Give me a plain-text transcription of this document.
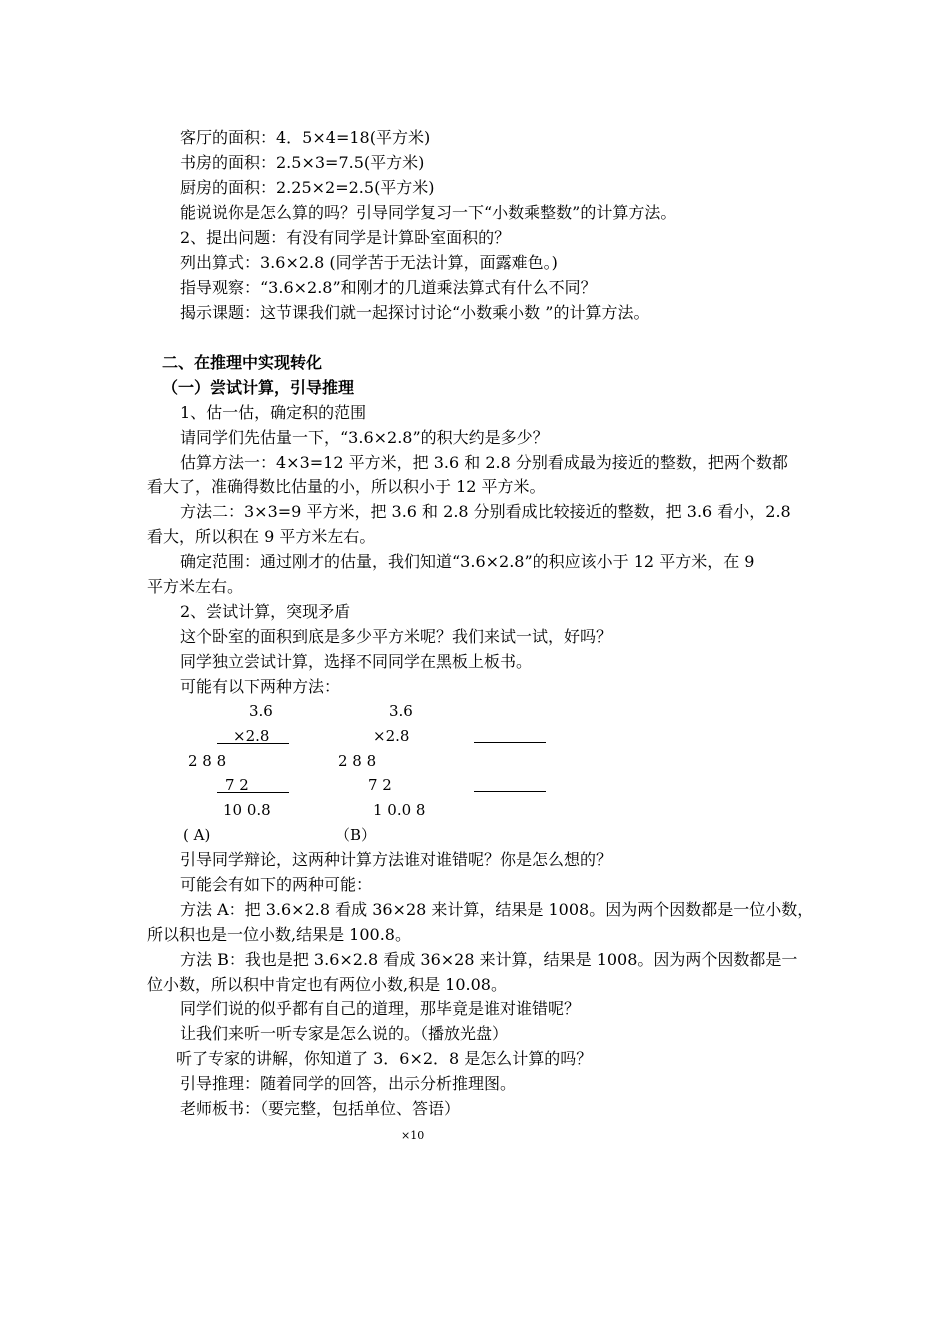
客厅的面积：4．5×4=18(平方米)

书房的面积：2.5×3=7.5(平方米)

厨房的面积：2.25×2=2.5(平方米)

能说说你是怎么算的吗？引导同学复习一下“小数乘整数”的计算方法。

2、提出问题：有没有同学是计算卧室面积的？

列出算式：3.6×2.8 (同学苦于无法计算，面露难色。)

指导观察：“3.6×2.8”和刚才的几道乘法算式有什么不同？

揭示课题：这节课我们就一起探讨讨论“小数乘小数 ”的计算方法。

二、在推理中实现转化

（一）尝试计算，引导推理

1、估一估，确定积的范围

请同学们先估量一下，“3.6×2.8”的积大约是多少？

估算方法一：4×3=12 平方米，把 3.6 和 2.8 分别看成最为接近的整数，把两个数都

看大了，准确得数比估量的小，所以积小于 12 平方米。

方法二：3×3=9 平方米，把 3.6 和 2.8 分别看成比较接近的整数，把 3.6 看小，2.8

看大，所以积在 9 平方米左右。

确定范围：通过刚才的估量，我们知道“3.6×2.8”的积应该小于 12 平方米，在 9

平方米左右。

2、尝试计算，突现矛盾

这个卧室的面积到底是多少平方米呢？我们来试一试，好吗？

同学独立尝试计算，选择不同同学在黑板上板书。

可能有以下两种方法：

3.6
×2.8
2 8 8
7 2
10 0.8
( A)
3.6
×2.8
2 8 8
7 2
1 0.0 8
（B）

引导同学辩论，这两种计算方法谁对谁错呢？你是怎么想的？

可能会有如下的两种可能：

方法 A：把 3.6×2.8 看成 36×28 来计算，结果是 1008。因为两个因数都是一位小数，

所以积也是一位小数,结果是 100.8。

方法 B：我也是把 3.6×2.8 看成 36×28 来计算，结果是 1008。因为两个因数都是一

位小数，所以积中肯定也有两位小数,积是 10.08。

同学们说的似乎都有自己的道理，那毕竟是谁对谁错呢？

让我们来听一听专家是怎么说的。（播放光盘）

听了专家的讲解，你知道了 3．6×2．8 是怎么计算的吗？

引导推理：随着同学的回答，出示分析推理图。

老师板书：（要完整，包括单位、答语）

×10
